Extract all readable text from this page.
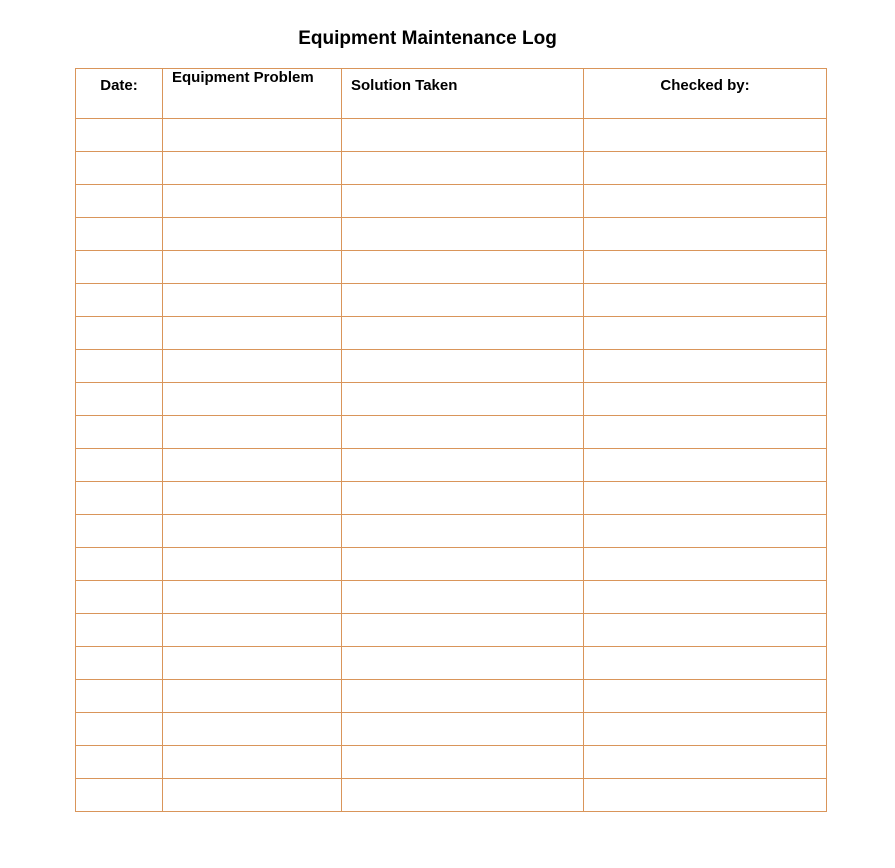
Equipment Maintenance Log
Date:	Equipment Problem	Solution Taken	Checked by:
